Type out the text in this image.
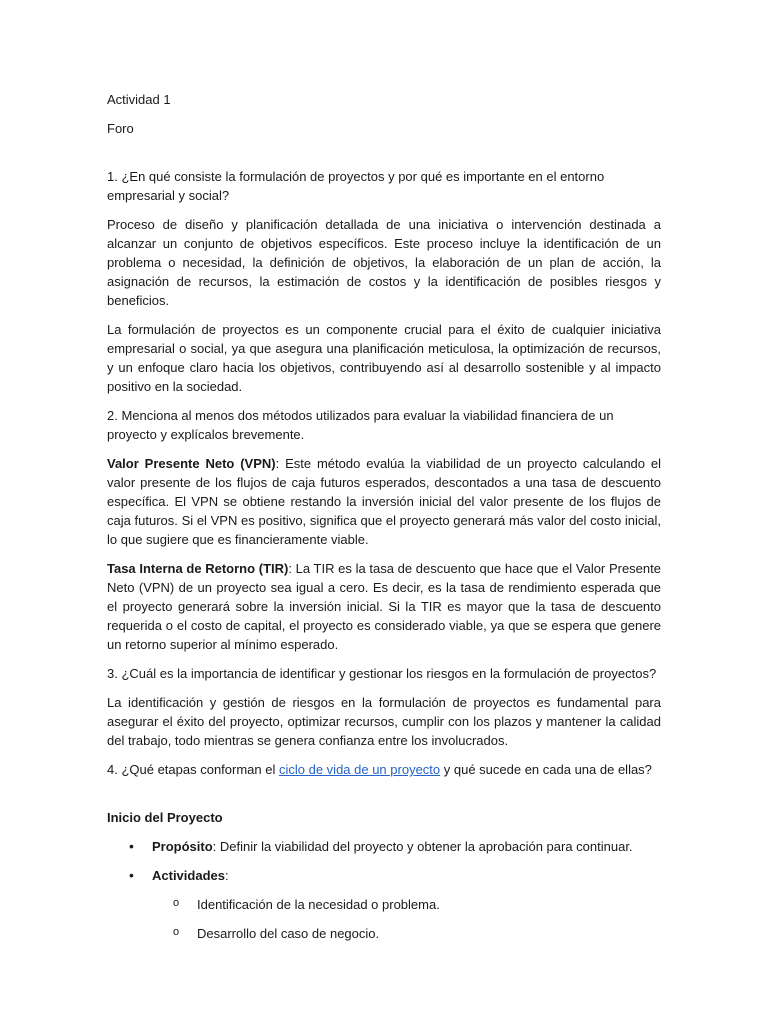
Actividad 1

Foro

1. ¿En qué consiste la formulación de proyectos y por qué es importante en el entorno empresarial y social?

Proceso de diseño y planificación detallada de una iniciativa o intervención destinada a alcanzar un conjunto de objetivos específicos. Este proceso incluye la identificación de un problema o necesidad, la definición de objetivos, la elaboración de un plan de acción, la asignación de recursos, la estimación de costos y la identificación de posibles riesgos y beneficios.

La formulación de proyectos es un componente crucial para el éxito de cualquier iniciativa empresarial o social, ya que asegura una planificación meticulosa, la optimización de recursos, y un enfoque claro hacia los objetivos, contribuyendo así al desarrollo sostenible y al impacto positivo en la sociedad.

2. Menciona al menos dos métodos utilizados para evaluar la viabilidad financiera de un proyecto y explícalos brevemente.

Valor Presente Neto (VPN): Este método evalúa la viabilidad de un proyecto calculando el valor presente de los flujos de caja futuros esperados, descontados a una tasa de descuento específica. El VPN se obtiene restando la inversión inicial del valor presente de los flujos de caja futuros. Si el VPN es positivo, significa que el proyecto generará más valor del costo inicial, lo que sugiere que es financieramente viable.

Tasa Interna de Retorno (TIR): La TIR es la tasa de descuento que hace que el Valor Presente Neto (VPN) de un proyecto sea igual a cero. Es decir, es la tasa de rendimiento esperada que el proyecto generará sobre la inversión inicial. Si la TIR es mayor que la tasa de descuento requerida o el costo de capital, el proyecto es considerado viable, ya que se espera que genere un retorno superior al mínimo esperado.

3. ¿Cuál es la importancia de identificar y gestionar los riesgos en la formulación de proyectos?

La identificación y gestión de riesgos en la formulación de proyectos es fundamental para asegurar el éxito del proyecto, optimizar recursos, cumplir con los plazos y mantener la calidad del trabajo, todo mientras se genera confianza entre los involucrados.

4. ¿Qué etapas conforman el ciclo de vida de un proyecto y qué sucede en cada una de ellas?

Inicio del Proyecto

• Propósito: Definir la viabilidad del proyecto y obtener la aprobación para continuar.
• Actividades:
o Identificación de la necesidad o problema.
o Desarrollo del caso de negocio.
